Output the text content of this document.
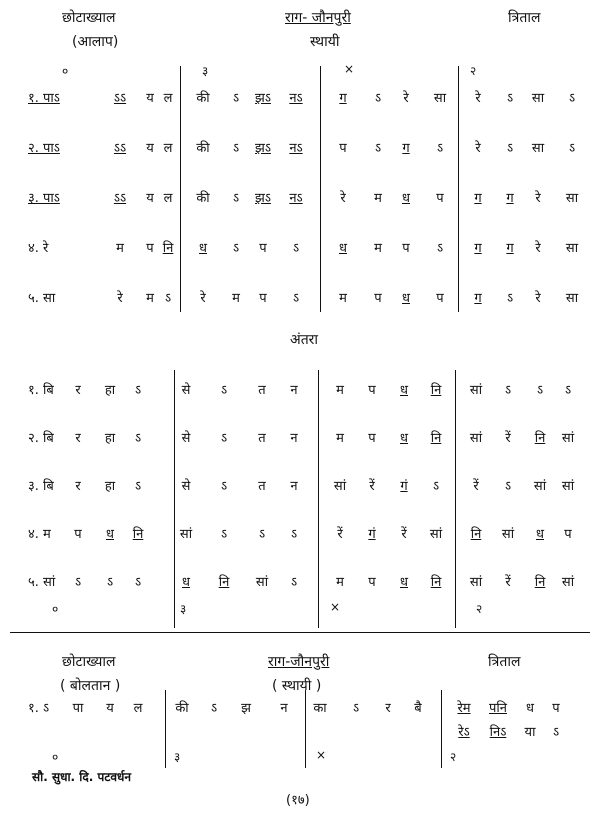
छोटाख्याल
(आलाप)
राग- जौनपुरी
स्थायी
त्रिताल
०	३	×	२
१. पाऽ	ऽऽ	य ल	की	ऽ	झऽ	नऽ	ग	ऽ	रे	सा	रे	ऽ	सा	ऽ
२. पाऽ	ऽऽ	य ल	की	ऽ	झऽ	नऽ	प	ऽ	ग	ऽ	रे	ऽ	सा	ऽ
३. पाऽ	ऽऽ	य ल	की	ऽ	झऽ	नऽ	रे	म	ध	प	ग	ग	रे	सा
४. रे	म	प नि	ध	ऽ	प	ऽ	ध	म	प	ऽ	ग	ग	रे	सा
५. सा	रे	म ऽ	रे	म	प	ऽ	म	प	ध	प	ग	ऽ	रे	सा
अंतरा
१. बि	र	हा	ऽ	से	ऽ	त	न	म	प	ध	नि	सां	ऽ	ऽ	ऽ
२. बि	र	हा	ऽ	से	ऽ	त	न	म	प	ध	नि	सां	रें	नि	सां
३. बि	र	हा	ऽ	से	ऽ	त	न	सां	रें	गं	ऽ	रें	ऽ	सां	सां
४. म	प	ध	नि	सां	ऽ	ऽ	ऽ	रें	गं	रें	सां	नि	सां	ध	प
५. सां	ऽ	ऽ	ऽ	ध	नि	सां	ऽ	म	प	ध	नि	सां	रें	नि	सां
०	३	×	२
छोटाख्याल
( बोलतान )
राग-जौनपुरी
( स्थायी )
त्रिताल
१. ऽ	पा	य	ल	की	ऽ	झ	न	का	ऽ	र	बै	रेम	पनि	ध	प
रेऽ	निऽ	या	ऽ
०	३	×	२
सौ. सुधा. दि. पटवर्धन
(१७)
